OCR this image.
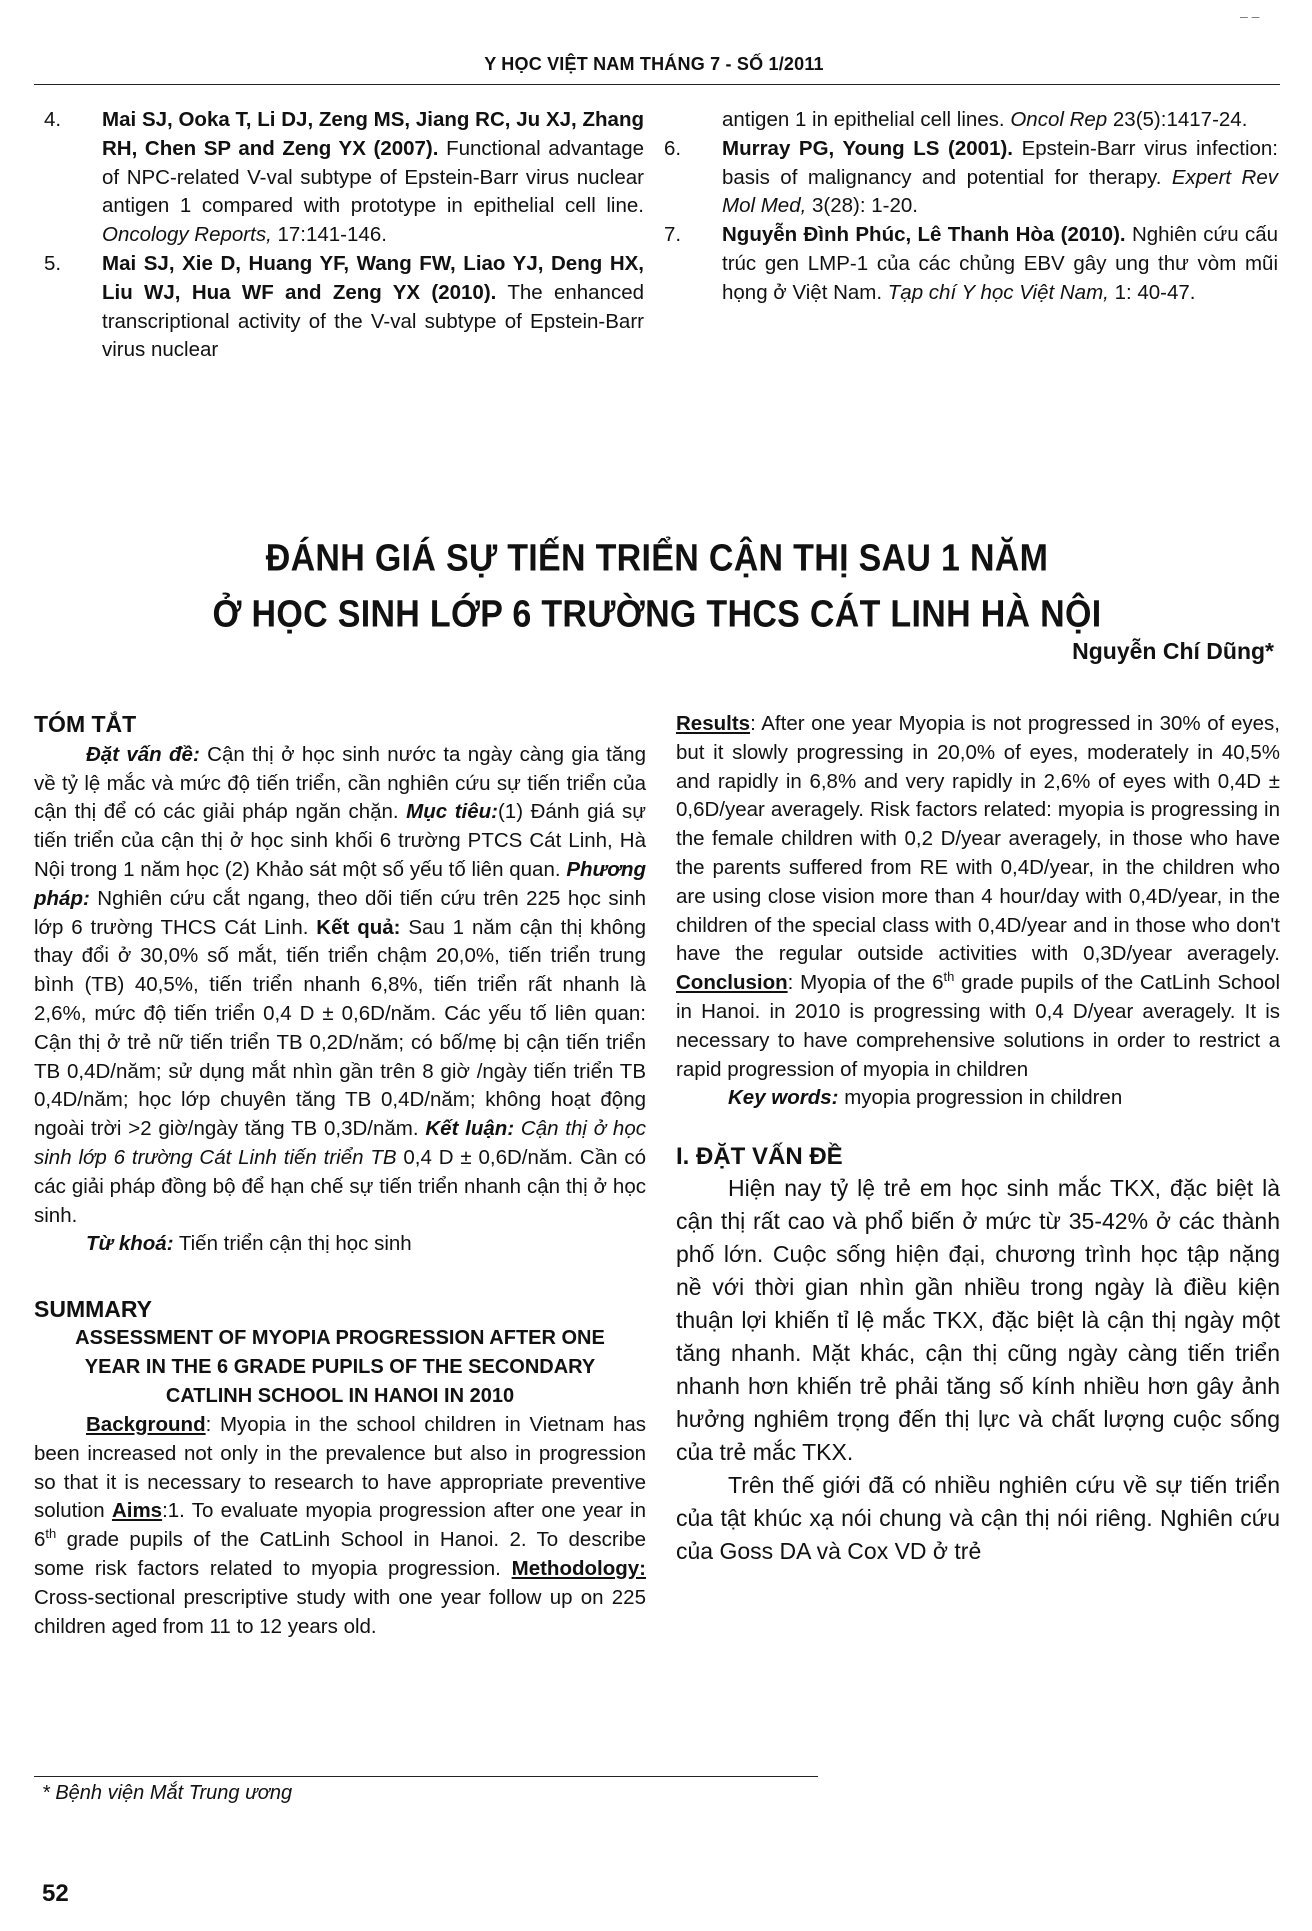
– –
Y HỌC VIỆT NAM THÁNG 7 - SỐ 1/2011

4. Mai SJ, Ooka T, Li DJ, Zeng MS, Jiang RC, Ju XJ, Zhang RH, Chen SP and Zeng YX (2007). Functional advantage of NPC-related V-val subtype of Epstein-Barr virus nuclear antigen 1 compared with prototype in epithelial cell line. Oncology Reports, 17:141-146.

5. Mai SJ, Xie D, Huang YF, Wang FW, Liao YJ, Deng HX, Liu WJ, Hua WF and Zeng YX (2010). The enhanced transcriptional activity of the V-val subtype of Epstein-Barr virus nuclear

antigen 1 in epithelial cell lines. Oncol Rep 23(5):1417-24.

6. Murray PG, Young LS (2001). Epstein-Barr virus infection: basis of malignancy and potential for therapy. Expert Rev Mol Med, 3(28): 1-20.

7. Nguyễn Đình Phúc, Lê Thanh Hòa (2010). Nghiên cứu cấu trúc gen LMP-1 của các chủng EBV gây ung thư vòm mũi họng ở Việt Nam. Tạp chí Y học Việt Nam, 1: 40-47.

ĐÁNH GIÁ SỰ TIẾN TRIỂN CẬN THỊ SAU 1 NĂM
Ở HỌC SINH LỚP 6 TRƯỜNG THCS CÁT LINH HÀ NỘI
Nguyễn Chí Dũng*

TÓM TẮT

Đặt vấn đề: Cận thị ở học sinh nước ta ngày càng gia tăng về tỷ lệ mắc và mức độ tiến triển, cần nghiên cứu sự tiến triển của cận thị để có các giải pháp ngăn chặn. Mục tiêu:(1) Đánh giá sự tiến triển của cận thị ở học sinh khối 6 trường PTCS Cát Linh, Hà Nội trong 1 năm học (2) Khảo sát một số yếu tố liên quan. Phương pháp: Nghiên cứu cắt ngang, theo dõi tiến cứu trên 225 học sinh lớp 6 trường THCS Cát Linh. Kết quả: Sau 1 năm cận thị không thay đổi ở 30,0% số mắt, tiến triển chậm 20,0%, tiến triển trung bình (TB) 40,5%, tiến triển nhanh 6,8%, tiến triển rất nhanh là 2,6%, mức độ tiến triển 0,4 D ± 0,6D/năm. Các yếu tố liên quan: Cận thị ở trẻ nữ tiến triển TB 0,2D/năm; có bố/mẹ bị cận tiến triển TB 0,4D/năm; sử dụng mắt nhìn gần trên 8 giờ /ngày tiến triển TB 0,4D/năm; học lớp chuyên tăng TB 0,4D/năm; không hoạt động ngoài trời >2 giờ/ngày tăng TB 0,3D/năm. Kết luận: Cận thị ở học sinh lớp 6 trường Cát Linh tiến triển TB 0,4 D ± 0,6D/năm. Cần có các giải pháp đồng bộ để hạn chế sự tiến triển nhanh cận thị ở học sinh.

Từ khoá: Tiến triển cận thị học sinh

SUMMARY

ASSESSMENT OF MYOPIA PROGRESSION AFTER ONE YEAR IN THE 6 GRADE PUPILS OF THE SECONDARY CATLINH SCHOOL IN HANOI IN 2010

Background: Myopia in the school children in Vietnam has been increased not only in the prevalence but also in progression so that it is necessary to research to have appropriate preventive solution Aims:1. To evaluate myopia progression after one year in 6th grade pupils of the CatLinh School in Hanoi. 2. To describe some risk factors related to myopia progression. Methodology: Cross-sectional prescriptive study with one year follow up on 225 children aged from 11 to 12 years old.

Results: After one year Myopia is not progressed in 30% of eyes, but it slowly progressing in 20,0% of eyes, moderately in 40,5% and rapidly in 6,8% and very rapidly in 2,6% of eyes with 0,4D ± 0,6D/year averagely. Risk factors related: myopia is progressing in the female children with 0,2 D/year averagely, in those who have the parents suffered from RE with 0,4D/year, in the children who are using close vision more than 4 hour/day with 0,4D/year, in the children of the special class with 0,4D/year and in those who don't have the regular outside activities with 0,3D/year averagely. Conclusion: Myopia of the 6th grade pupils of the CatLinh School in Hanoi. in 2010 is progressing with 0,4 D/year averagely. It is necessary to have comprehensive solutions in order to restrict a rapid progression of myopia in children

Key words: myopia progression in children

I. ĐẶT VẤN ĐỀ

Hiện nay tỷ lệ trẻ em học sinh mắc TKX, đặc biệt là cận thị rất cao và phổ biến ở mức từ 35-42% ở các thành phố lớn. Cuộc sống hiện đại, chương trình học tập nặng nề với thời gian nhìn gần nhiều trong ngày là điều kiện thuận lợi khiến tỉ lệ mắc TKX, đặc biệt là cận thị ngày một tăng nhanh. Mặt khác, cận thị cũng ngày càng tiến triển nhanh hơn khiến trẻ phải tăng số kính nhiều hơn gây ảnh hưởng nghiêm trọng đến thị lực và chất lượng cuộc sống của trẻ mắc TKX.

Trên thế giới đã có nhiều nghiên cứu về sự tiến triển của tật khúc xạ nói chung và cận thị nói riêng. Nghiên cứu của Goss DA và Cox VD ở trẻ

* Bệnh viện Mắt Trung ương
52
